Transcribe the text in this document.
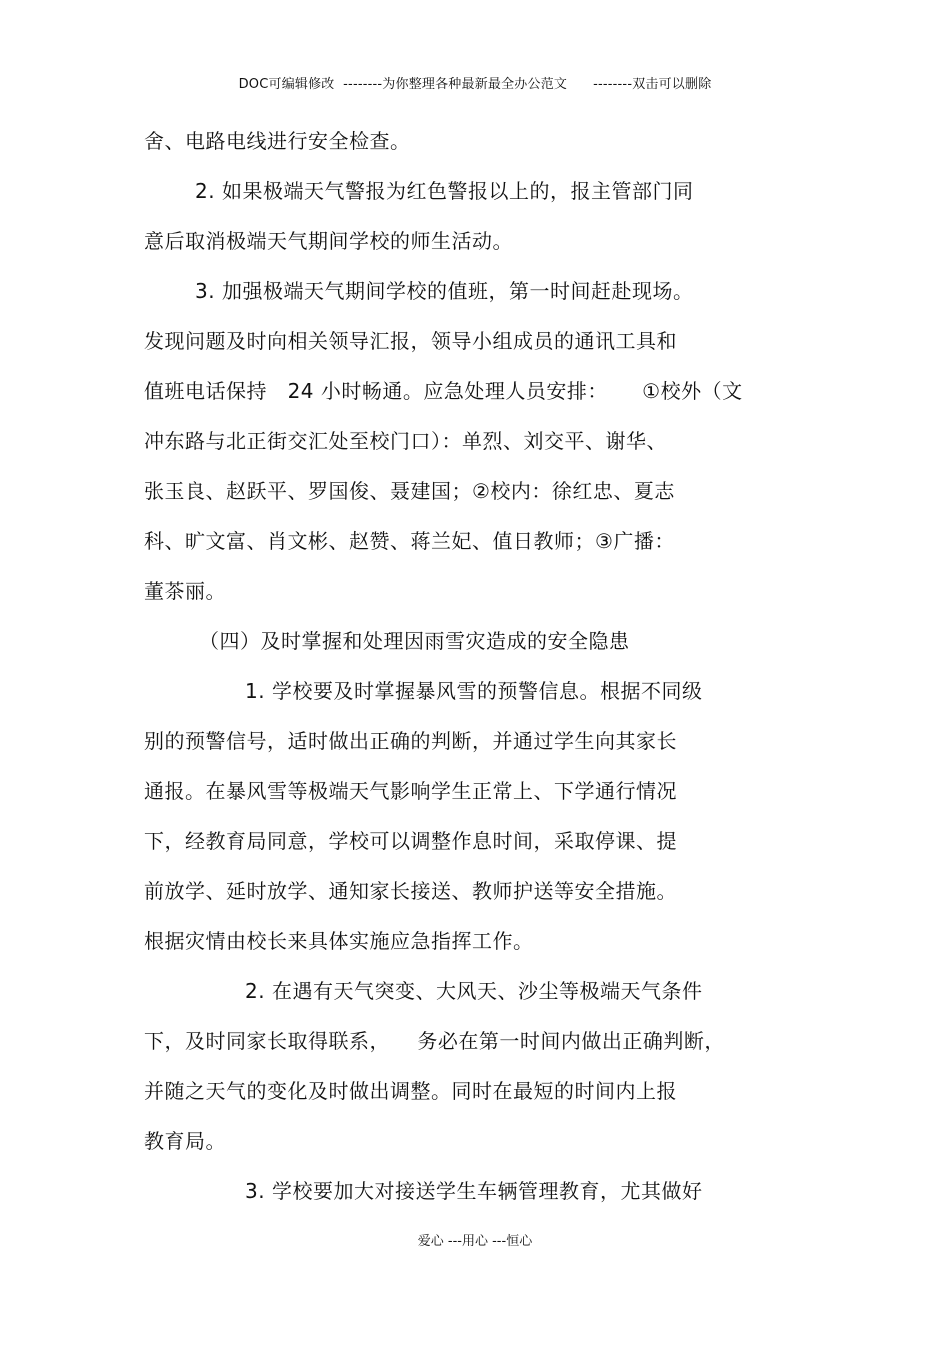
DOC可编辑修改  --------为你整理各种最新最全办公范文      --------双击可以删除
舍、电路电线进行安全检查。
2. 如果极端天气警报为红色警报以上的，报主管部门同
意后取消极端天气期间学校的师生活动。
3. 加强极端天气期间学校的值班，第一时间赶赴现场。
发现问题及时向相关领导汇报，领导小组成员的通讯工具和
值班电话保持   24 小时畅通。应急处理人员安排：     ①校外（文
冲东路与北正街交汇处至校门口）：单烈、刘交平、谢华、
张玉良、赵跃平、罗国俊、聂建国；②校内：徐红忠、夏志
科、旷文富、肖文彬、赵赞、蒋兰妃、值日教师；③广播：
董茶丽。
（四）及时掌握和处理因雨雪灾造成的安全隐患
1. 学校要及时掌握暴风雪的预警信息。根据不同级
别的预警信号，适时做出正确的判断，并通过学生向其家长
通报。在暴风雪等极端天气影响学生正常上、下学通行情况
下，经教育局同意，学校可以调整作息时间，采取停课、提
前放学、延时放学、通知家长接送、教师护送等安全措施。
根据灾情由校长来具体实施应急指挥工作。
2. 在遇有天气突变、大风天、沙尘等极端天气条件
下，及时同家长取得联系，    务必在第一时间内做出正确判断，
并随之天气的变化及时做出调整。同时在最短的时间内上报
教育局。
3. 学校要加大对接送学生车辆管理教育，尤其做好
爱心 ---用心 ---恒心
